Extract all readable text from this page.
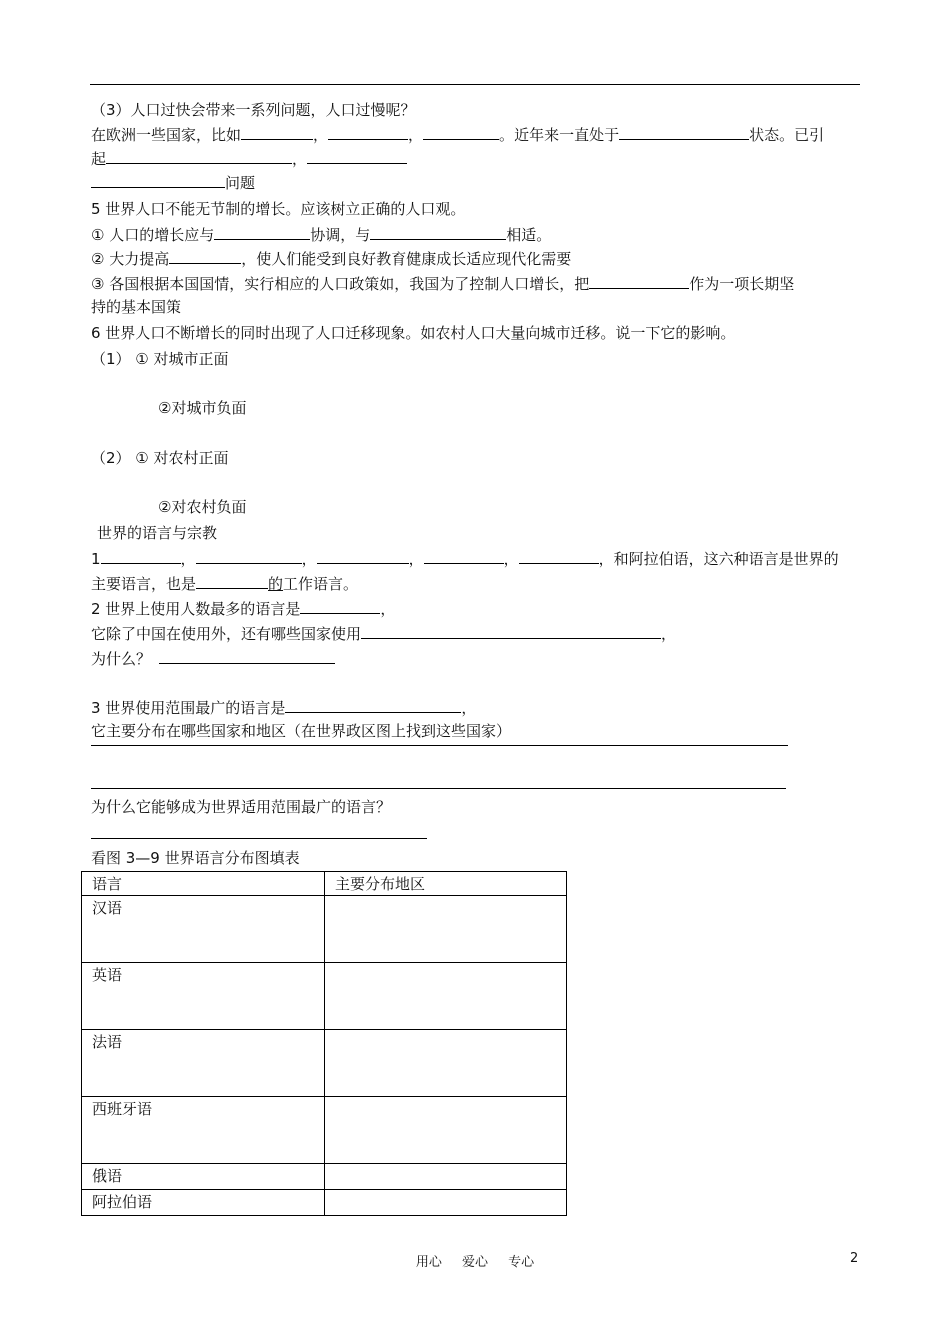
（3）人口过快会带来一系列问题，人口过慢呢？
在欧洲一些国家，比如	，	，	。近年来一直处于	状态。已引
起	，
问题
5 世界人口不能无节制的增长。应该树立正确的人口观。
① 人口的增长应与	协调，与	相适。
② 大力提高	，使人们能受到良好教育健康成长适应现代化需要
③ 各国根据本国国情，实行相应的人口政策如，我国为了控制人口增长，把	作为一项长期坚
持的基本国策
6 世界人口不断增长的同时出现了人口迁移现象。如农村人口大量向城市迁移。说一下它的影响。
（1） ① 对城市正面
②对城市负面
（2） ① 对农村正面
②对农村负面
世界的语言与宗教
1	，	，	，	，	，和阿拉伯语，这六种语言是世界的
主要语言，也是	的工作语言。
2 世界上使用人数最多的语言是	，
它除了中国在使用外，还有哪些国家使用	，
为什么？
3 世界使用范围最广的语言是	，
它主要分布在哪些国家和地区（在世界政区图上找到这些国家）
为什么它能够成为世界适用范围最广的语言？
看图 3—9 世界语言分布图填表
语言	主要分布地区
汉语	
英语	
法语	
西班牙语	
俄语	
阿拉伯语	
用心 爱心 专心	2
